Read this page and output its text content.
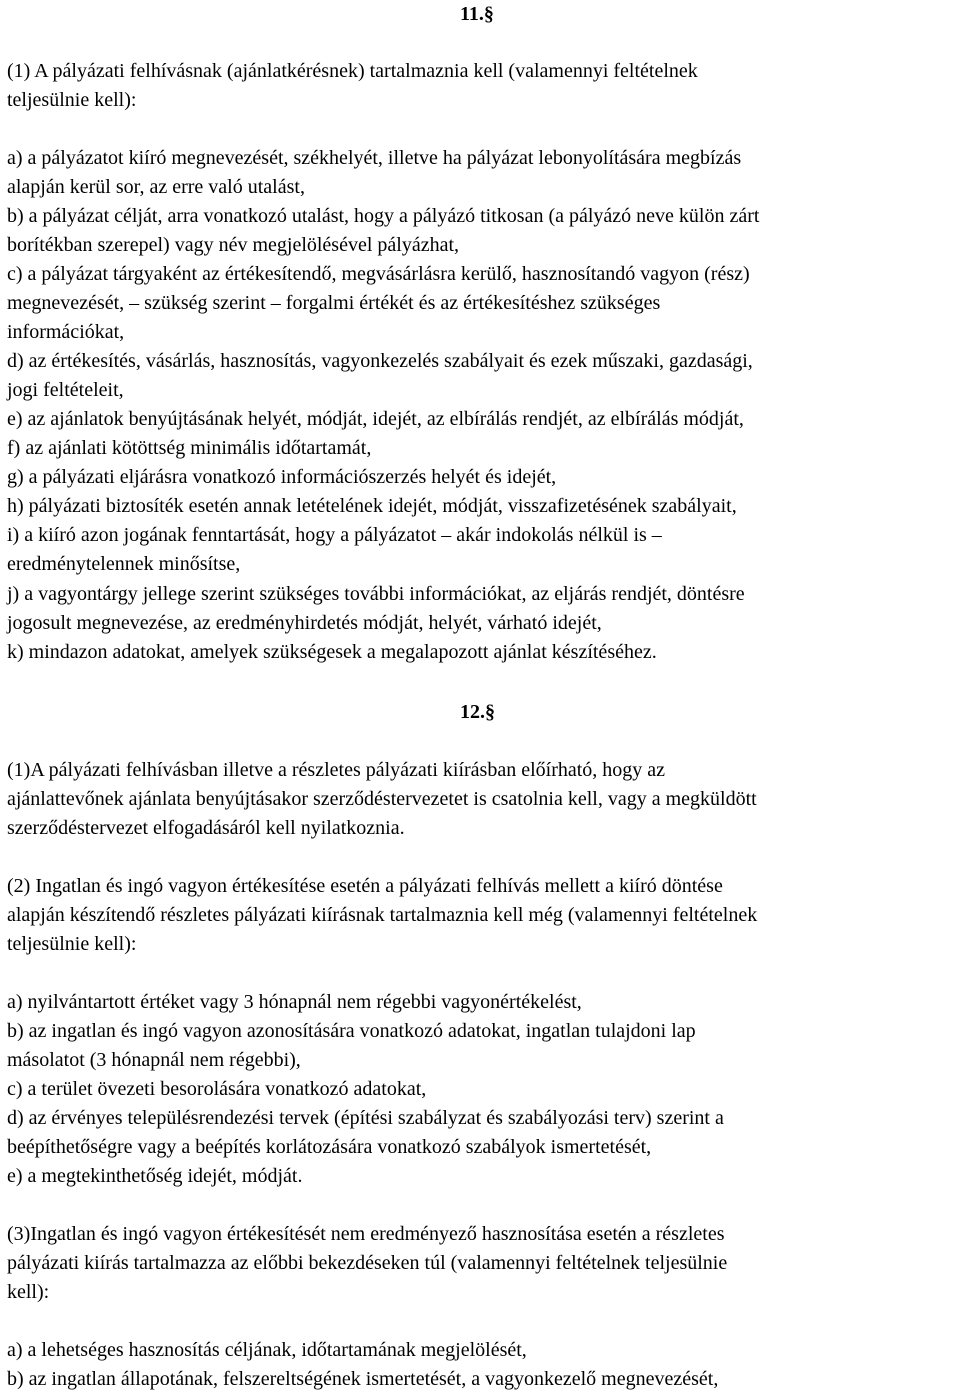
11.§
(1) A pályázati felhívásnak (ajánlatkérésnek) tartalmaznia kell (valamennyi feltételnek
teljesülnie kell):
a) a pályázatot kiíró megnevezését, székhelyét, illetve ha pályázat lebonyolítására megbízás
alapján kerül sor, az erre való utalást,
b) a pályázat célját, arra vonatkozó utalást, hogy a pályázó titkosan (a pályázó neve külön zárt
borítékban szerepel) vagy név megjelölésével pályázhat,
c) a pályázat tárgyaként az értékesítendő, megvásárlásra kerülő, hasznosítandó vagyon (rész)
megnevezését, – szükség szerint – forgalmi értékét és az értékesítéshez szükséges
információkat,
d) az értékesítés, vásárlás, hasznosítás, vagyonkezelés szabályait és ezek műszaki, gazdasági,
jogi feltételeit,
e) az ajánlatok benyújtásának helyét, módját, idejét, az elbírálás rendjét, az elbírálás módját,
f) az ajánlati kötöttség minimális időtartamát,
g) a pályázati eljárásra vonatkozó információszerzés helyét és idejét,
h) pályázati biztosíték esetén annak letételének idejét, módját, visszafizetésének szabályait,
i) a kiíró azon jogának fenntartását, hogy a pályázatot – akár indokolás nélkül is –
eredménytelennek minősítse,
j) a vagyontárgy jellege szerint szükséges további információkat, az eljárás rendjét, döntésre
jogosult megnevezése, az eredményhirdetés módját, helyét, várható idejét,
k) mindazon adatokat, amelyek szükségesek a megalapozott ajánlat készítéséhez.
12.§
(1)A pályázati felhívásban illetve a részletes pályázati kiírásban előírható, hogy az
ajánlattevőnek ajánlata benyújtásakor szerződéstervezetet is csatolnia kell, vagy a megküldött
szerződéstervezet elfogadásáról kell nyilatkoznia.
(2) Ingatlan és ingó vagyon értékesítése esetén a pályázati felhívás mellett a kiíró döntése
alapján készítendő részletes pályázati kiírásnak tartalmaznia kell még (valamennyi feltételnek
teljesülnie kell):
a) nyilvántartott értéket vagy 3 hónapnál nem régebbi vagyonértékelést,
b) az ingatlan és ingó vagyon azonosítására vonatkozó adatokat, ingatlan tulajdoni lap
másolatot (3 hónapnál nem régebbi),
c) a terület övezeti besorolására vonatkozó adatokat,
d) az érvényes településrendezési tervek (építési szabályzat és szabályozási terv) szerint a
beépíthetőségre vagy a beépítés korlátozására vonatkozó szabályok ismertetését,
e) a megtekinthetőség idejét, módját.
(3)Ingatlan és ingó vagyon értékesítését nem eredményező hasznosítása esetén a részletes
pályázati kiírás tartalmazza az előbbi bekezdéseken túl (valamennyi feltételnek teljesülnie
kell):
a) a lehetséges hasznosítás céljának, időtartamának megjelölését,
b) az ingatlan állapotának, felszereltségének ismertetését, a vagyonkezelő megnevezését,
